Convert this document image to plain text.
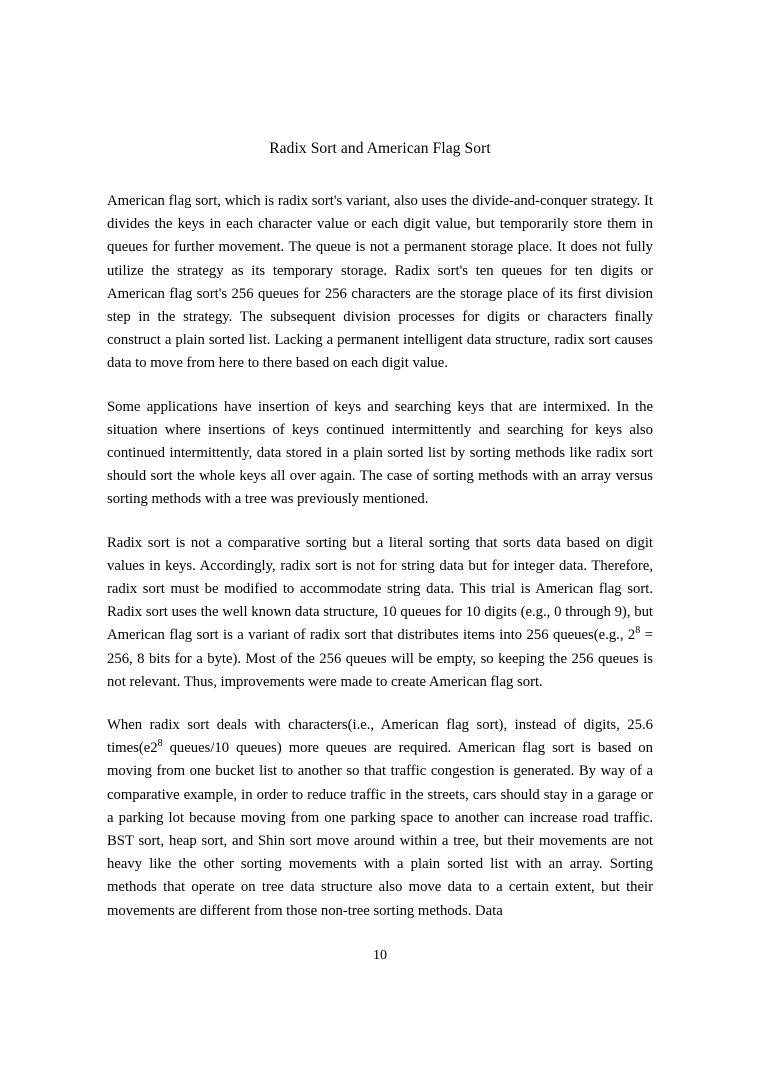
Radix Sort and American Flag Sort

American flag sort, which is radix sort's variant, also uses the divide-and-conquer strategy. It divides the keys in each character value or each digit value, but temporarily store them in queues for further movement. The queue is not a permanent storage place. It does not fully utilize the strategy as its temporary storage. Radix sort's ten queues for ten digits or American flag sort's 256 queues for 256 characters are the storage place of its first division step in the strategy. The subsequent division processes for digits or characters finally construct a plain sorted list. Lacking a permanent intelligent data structure, radix sort causes data to move from here to there based on each digit value.

Some applications have insertion of keys and searching keys that are intermixed. In the situation where insertions of keys continued intermittently and searching for keys also continued intermittently, data stored in a plain sorted list by sorting methods like radix sort should sort the whole keys all over again. The case of sorting methods with an array versus sorting methods with a tree was previously mentioned.

Radix sort is not a comparative sorting but a literal sorting that sorts data based on digit values in keys. Accordingly, radix sort is not for string data but for integer data. Therefore, radix sort must be modified to accommodate string data. This trial is American flag sort. Radix sort uses the well known data structure, 10 queues for 10 digits (e.g., 0 through 9), but American flag sort is a variant of radix sort that distributes items into 256 queues(e.g., $2^8 = 256$, 8 bits for a byte). Most of the 256 queues will be empty, so keeping the 256 queues is not relevant. Thus, improvements were made to create American flag sort.

When radix sort deals with characters(i.e., American flag sort), instead of digits, 25.6 $times(e2^8$ queues/10 queues) more queues are required. American flag sort is based on moving from one bucket list to another so that traffic congestion is generated. By way of a comparative example, in order to reduce traffic in the streets, cars should stay in a garage or a parking lot because moving from one parking space to another can increase road traffic. BST sort, heap sort, and Shin sort move around within a tree, but their movements are not heavy like the other sorting movements with a plain sorted list with an array. Sorting methods that operate on tree data structure also move data to a certain extent, but their movements are different from those non-tree sorting methods. Data

10
